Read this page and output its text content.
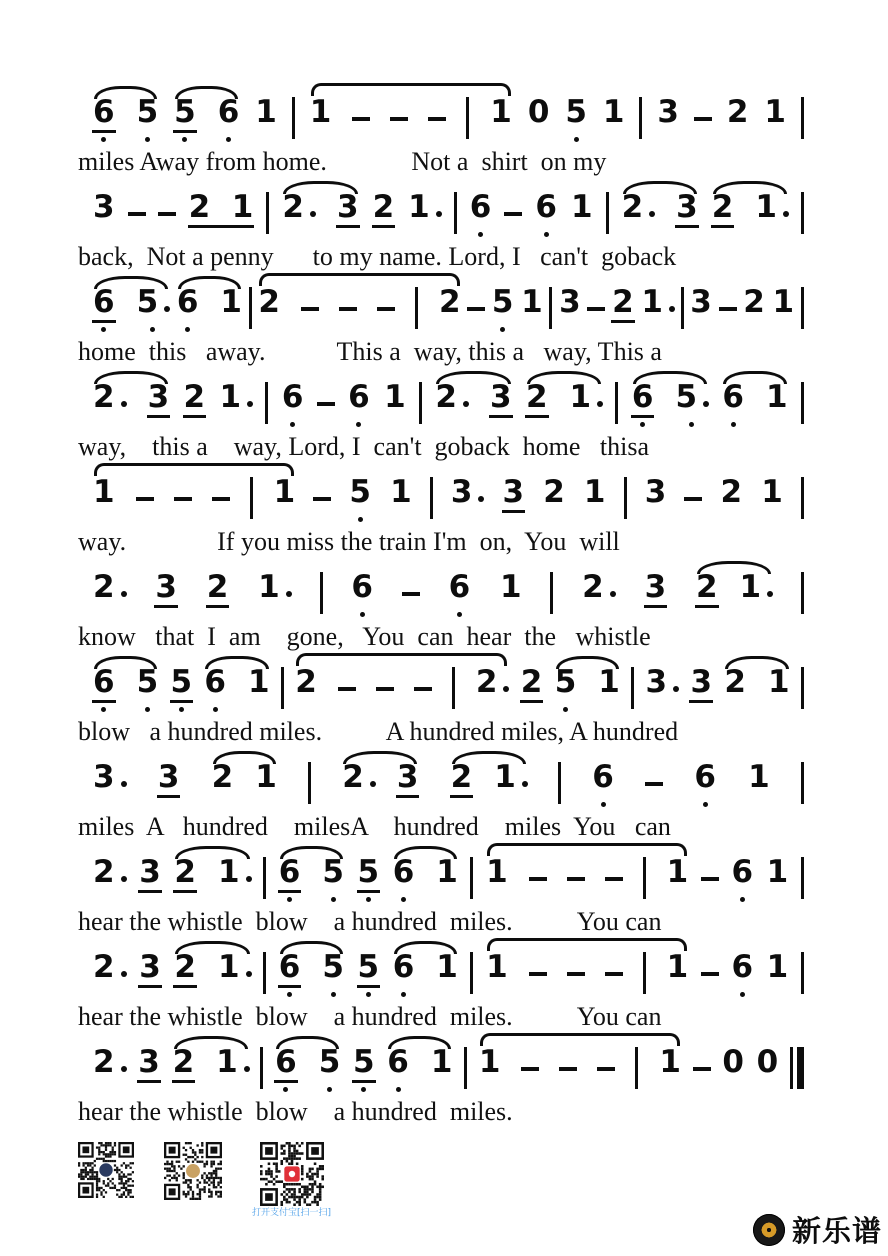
6 5 5 6 1 1	1 0 5 1 3 2 1
miles Away from home.             Not a  shirt  on my
3 2  1 2 3 2 1 6 6 1 2 3 2 1
back,  Not a penny      to my name. Lord, I   can't  goback
6 5 6 1 2	2 5 1 3 2 1 3 2 1
home  this   away.           This a  way, this a   way, This a
2 3 2 1 6 6 1 2 3 2 1 6 5 6 1
way,    this a    way, Lord, I  can't  goback  home   thisa
1	1 5 1 3 3 2 1 3 2 1
way.              If you miss the train I'm  on,  You  will
2 3 2 1 6 6 1 2 3 2 1
know   that  I  am    gone,   You  can  hear  the   whistle
6 5 5 6 1 2	2 2 5 1 3 3 2 1
blow   a hundred miles.          A hundred miles, A hundred
3 3 2 1 2 3 2 1 6	6 1
miles  A   hundred    milesA    hundred    miles  You   can
2 3 2 1 6 5 5 6 1 1	1 6 1
hear the whistle  blow    a hundred  miles.          You can
2 3 2 1 6 5 5 6 1 1	1 6 1
hear the whistle  blow    a hundred  miles.          You can
2 3 2 1 6 5 5 6 1 1	1 0 0
hear the whistle  blow    a hundred  miles.
打开支付宝[扫一扫]
新乐谱
